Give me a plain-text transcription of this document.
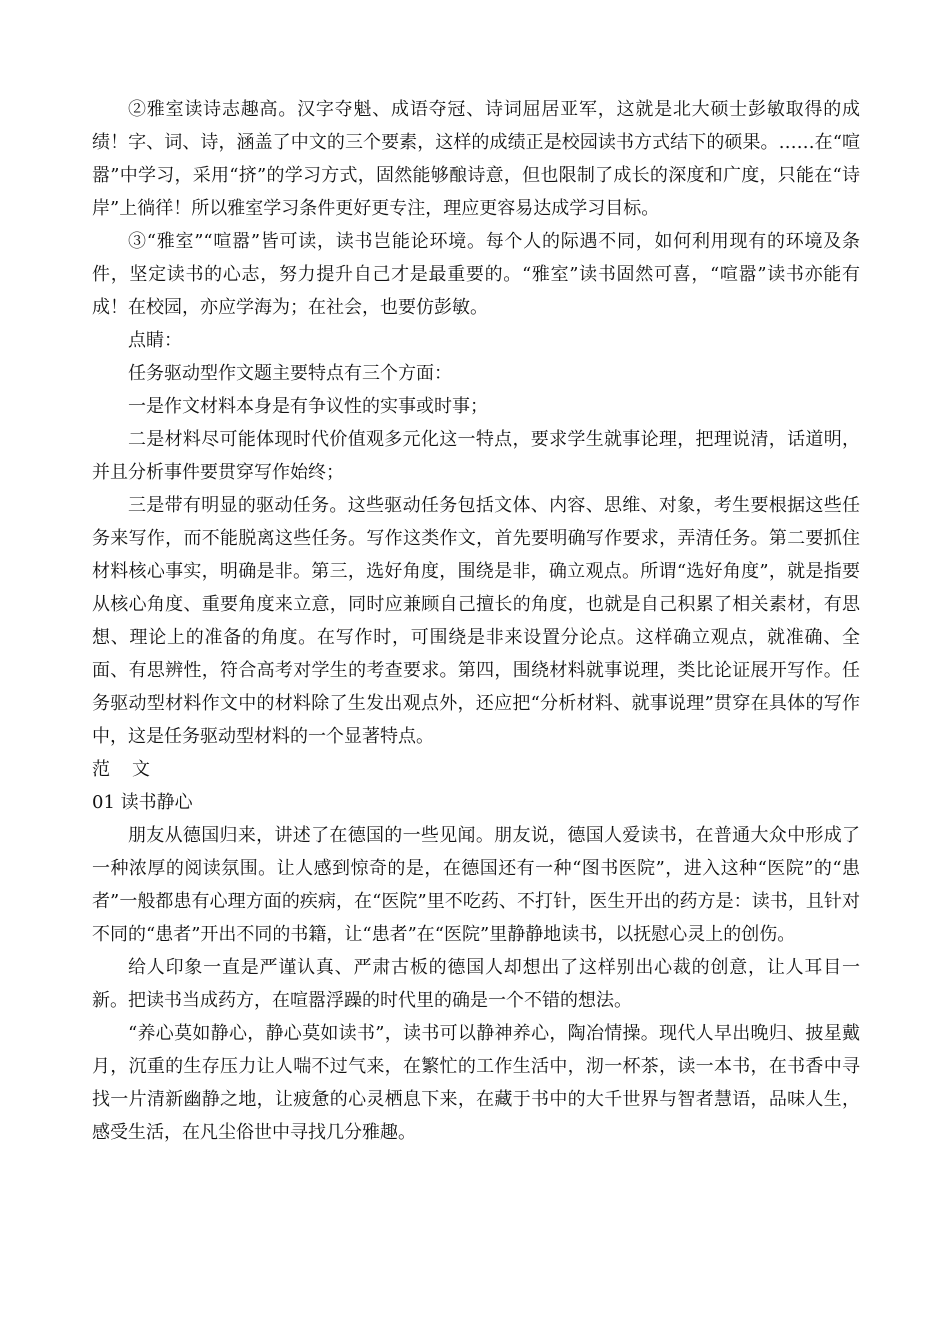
②雅室读诗志趣高。汉字夺魁、成语夺冠、诗词屈居亚军，这就是北大硕士彭敏取得的成绩！字、词、诗，涵盖了中文的三个要素，这样的成绩正是校园读书方式结下的硕果。……在“喧嚣”中学习，采用“挤”的学习方式，固然能够酿诗意，但也限制了成长的深度和广度，只能在“诗岸”上徜徉！所以雅室学习条件更好更专注，理应更容易达成学习目标。

③“雅室”“喧嚣”皆可读，读书岂能论环境。每个人的际遇不同，如何利用现有的环境及条件，坚定读书的心志，努力提升自己才是最重要的。“雅室”读书固然可喜，“喧嚣”读书亦能有成！在校园，亦应学海为；在社会，也要仿彭敏。

点睛：

任务驱动型作文题主要特点有三个方面：

一是作文材料本身是有争议性的实事或时事；

二是材料尽可能体现时代价值观多元化这一特点，要求学生就事论理，把理说清，话道明，并且分析事件要贯穿写作始终；

三是带有明显的驱动任务。这些驱动任务包括文体、内容、思维、对象，考生要根据这些任务来写作，而不能脱离这些任务。写作这类作文，首先要明确写作要求，弄清任务。第二要抓住材料核心事实，明确是非。第三，选好角度，围绕是非，确立观点。所谓“选好角度”，就是指要从核心角度、重要角度来立意，同时应兼顾自己擅长的角度，也就是自己积累了相关素材，有思想、理论上的准备的角度。在写作时，可围绕是非来设置分论点。这样确立观点，就准确、全面、有思辨性，符合高考对学生的考查要求。第四，围绕材料就事说理，类比论证展开写作。任务驱动型材料作文中的材料除了生发出观点外，还应把“分析材料、就事说理”贯穿在具体的写作中，这是任务驱动型材料的一个显著特点。

范　文

01 读书静心

朋友从德国归来，讲述了在德国的一些见闻。朋友说，德国人爱读书，在普通大众中形成了一种浓厚的阅读氛围。让人感到惊奇的是，在德国还有一种“图书医院”，进入这种“医院”的“患者”一般都患有心理方面的疾病，在“医院”里不吃药、不打针，医生开出的药方是：读书，且针对不同的“患者”开出不同的书籍，让“患者”在“医院”里静静地读书，以抚慰心灵上的创伤。

给人印象一直是严谨认真、严肃古板的德国人却想出了这样别出心裁的创意，让人耳目一新。把读书当成药方，在喧嚣浮躁的时代里的确是一个不错的想法。

“养心莫如静心，静心莫如读书”，读书可以静神养心，陶冶情操。现代人早出晚归、披星戴月，沉重的生存压力让人喘不过气来，在繁忙的工作生活中，沏一杯茶，读一本书，在书香中寻找一片清新幽静之地，让疲惫的心灵栖息下来，在藏于书中的大千世界与智者慧语，品味人生，感受生活，在凡尘俗世中寻找几分雅趣。
